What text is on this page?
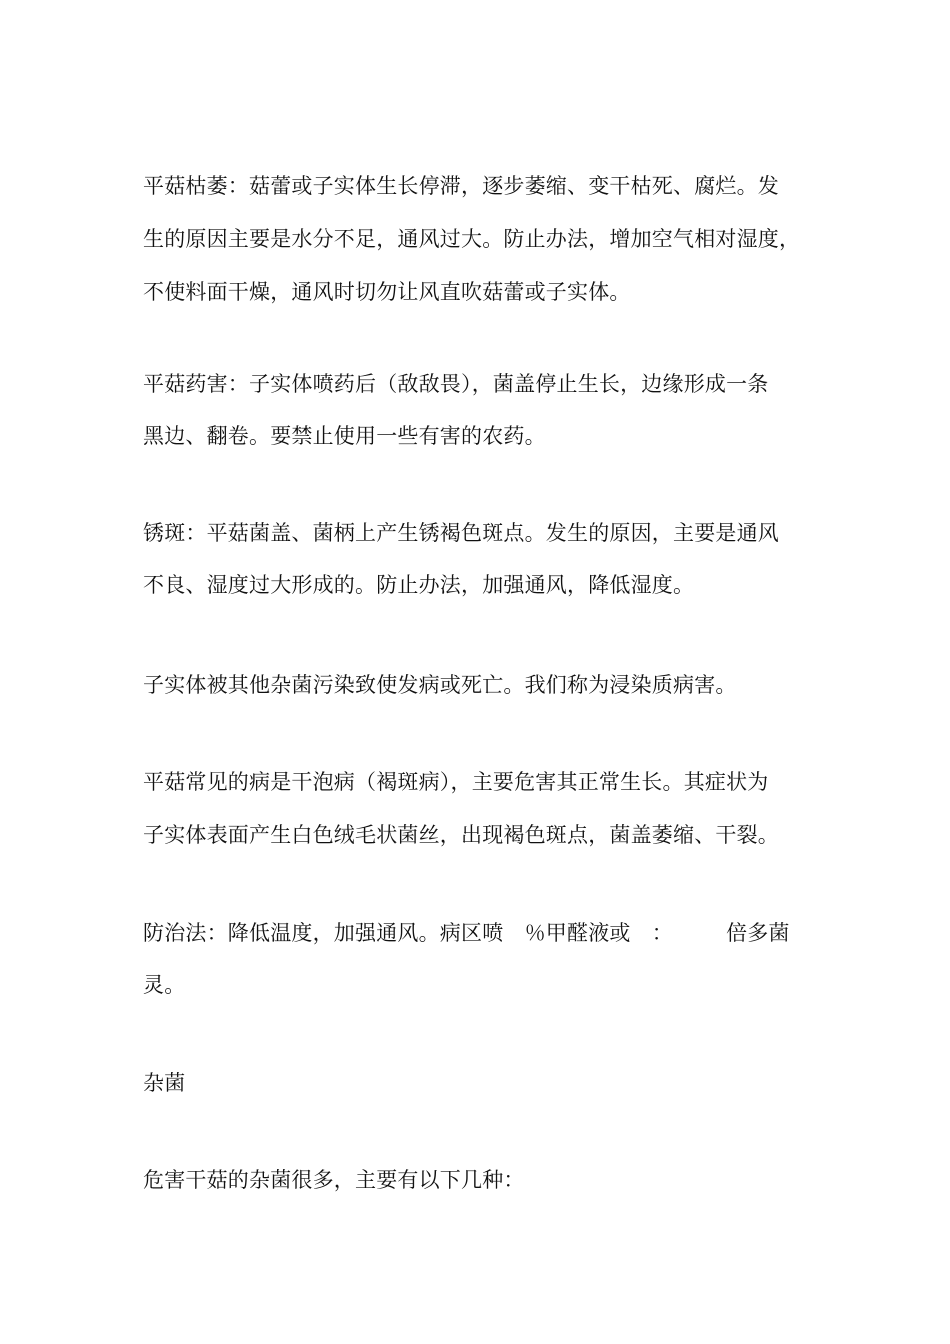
平菇枯萎：菇蕾或子实体生长停滞，逐步萎缩、变干枯死、腐烂。发
生的原因主要是水分不足，通风过大。防止办法，增加空气相对湿度，
不使料面干燥，通风时切勿让风直吹菇蕾或子实体。
平菇药害：子实体喷药后（敌敌畏），菌盖停止生长，边缘形成一条
黑边、翻卷。要禁止使用一些有害的农药。
锈斑：平菇菌盖、菌柄上产生锈褐色斑点。发生的原因，主要是通风
不良、湿度过大形成的。防止办法，加强通风，降低湿度。
子实体被其他杂菌污染致使发病或死亡。我们称为浸染质病害。
平菇常见的病是干泡病（褐斑病），主要危害其正常生长。其症状为
子实体表面产生白色绒毛状菌丝，出现褐色斑点，菌盖萎缩、干裂。
防治法：降低温度，加强通风。病区喷　％甲醛液或　：　　　倍多菌
灵。
杂菌
危害干菇的杂菌很多，主要有以下几种：
